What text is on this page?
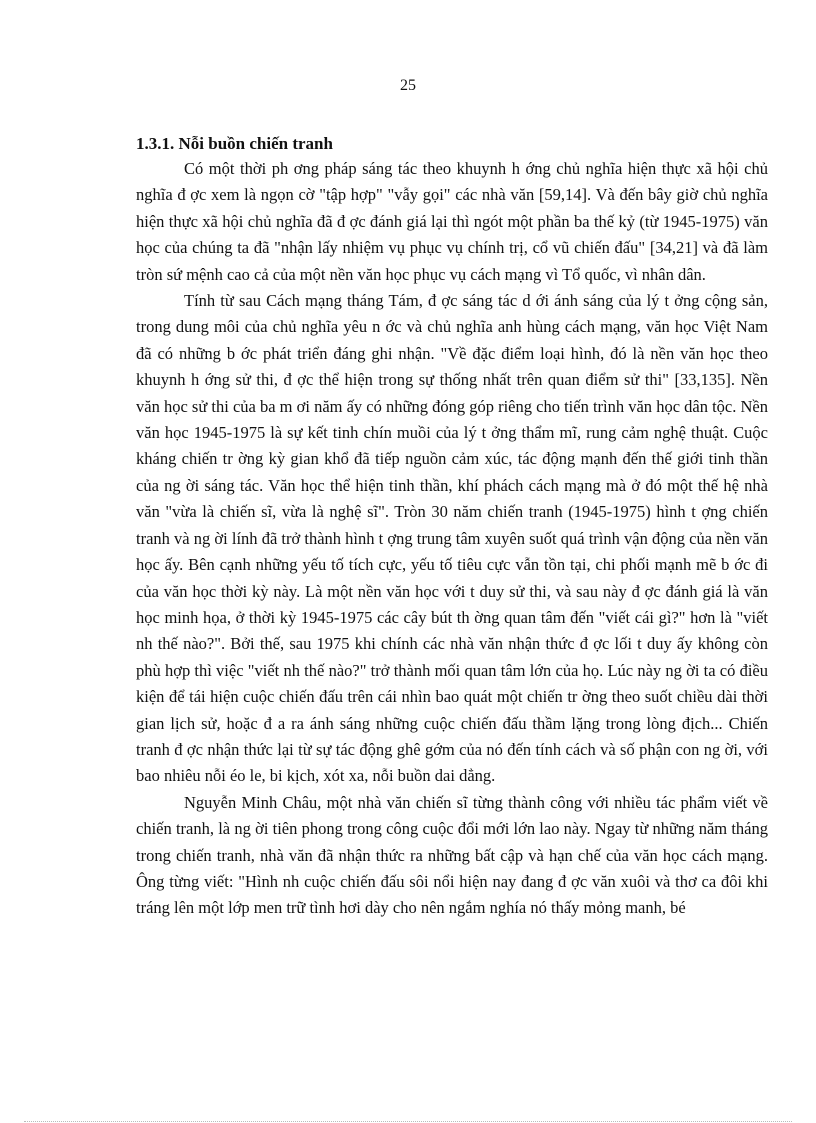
25
1.3.1. Nỗi buồn chiến tranh

Có một thời ph ơng pháp sáng tác theo khuynh h ớng chủ nghĩa hiện thực xã hội chủ nghĩa đ ợc xem là ngọn cờ "tập hợp" "vẫy gọi" các nhà văn [59,14]. Và đến bây giờ chủ nghĩa hiện thực xã hội chủ nghĩa đã đ ợc đánh giá lại thì ngót một phần ba thế kỷ (từ 1945-1975) văn học của chúng ta đã "nhận lấy nhiệm vụ phục vụ chính trị, cổ vũ chiến đấu" [34,21] và đã làm tròn sứ mệnh cao cả của một nền văn học phục vụ cách mạng vì Tổ quốc, vì nhân dân.

Tính từ sau Cách mạng tháng Tám, đ ợc sáng tác d ới ánh sáng của lý t ởng cộng sản, trong dung môi của chủ nghĩa yêu n ớc và chủ nghĩa anh hùng cách mạng, văn học Việt Nam đã có những b ớc phát triển đáng ghi nhận. "Về đặc điểm loại hình, đó là nền văn học theo khuynh h ớng sử thi, đ ợc thể hiện trong sự thống nhất trên quan điểm sử thi" [33,135]. Nền văn học sử thi của ba m ơi năm ấy có những đóng góp riêng cho tiến trình văn học dân tộc. Nền văn học 1945-1975 là sự kết tinh chín muồi của lý t ởng thẩm mĩ, rung cảm nghệ thuật. Cuộc kháng chiến tr ờng kỳ gian khổ đã tiếp nguồn cảm xúc, tác động mạnh đến thế giới tinh thần của ng ời sáng tác. Văn học thể hiện tinh thần, khí phách cách mạng mà ở đó một thế hệ nhà văn "vừa là chiến sĩ, vừa là nghệ sĩ". Tròn 30 năm chiến tranh (1945-1975) hình t ợng chiến tranh và ng ời lính đã trở thành hình t ợng trung tâm xuyên suốt quá trình vận động của nền văn học ấy. Bên cạnh những yếu tố tích cực, yếu tố tiêu cực vẫn tồn tại, chi phối mạnh mẽ b ớc đi của văn học thời kỳ này. Là một nền văn học với t duy sử thi, và sau này đ ợc đánh giá là văn học minh họa, ở thời kỳ 1945-1975 các cây bút th ờng quan tâm đến "viết cái gì?" hơn là "viết nh thế nào?". Bởi thế, sau 1975 khi chính các nhà văn nhận thức đ ợc lối t duy ấy không còn phù hợp thì việc "viết nh thế nào?" trở thành mối quan tâm lớn của họ. Lúc này ng ời ta có điều kiện để tái hiện cuộc chiến đấu trên cái nhìn bao quát một chiến tr ờng theo suốt chiều dài thời gian lịch sử, hoặc đ a ra ánh sáng những cuộc chiến đấu thầm lặng trong lòng địch... Chiến tranh đ ợc nhận thức lại từ sự tác động ghê gớm của nó đến tính cách và số phận con ng ời, với bao nhiêu nỗi éo le, bi kịch, xót xa, nỗi buồn dai dẳng.

Nguyễn Minh Châu, một nhà văn chiến sĩ từng thành công với nhiều tác phẩm viết về chiến tranh, là ng ời tiên phong trong công cuộc đổi mới lớn lao này. Ngay từ những năm tháng trong chiến tranh, nhà văn đã nhận thức ra những bất cập và hạn chế của văn học cách mạng. Ông từng viết: "Hình nh cuộc chiến đấu sôi nổi hiện nay đang đ ợc văn xuôi và thơ ca đôi khi tráng lên một lớp men trữ tình hơi dày cho nên ngắm nghía nó thấy mỏng manh, bé
